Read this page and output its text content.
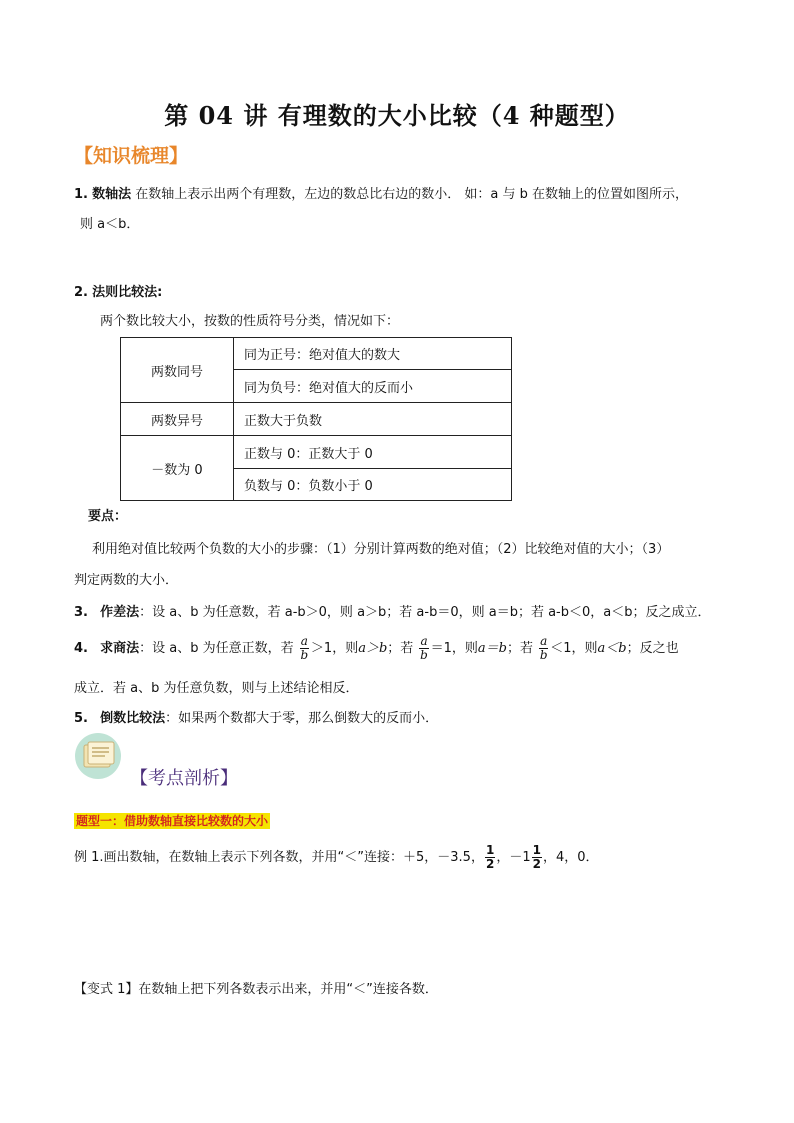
第 04 讲 有理数的大小比较（4 种题型）
【知识梳理】
1. 数轴法 在数轴上表示出两个有理数，左边的数总比右边的数小． 如：a 与 b 在数轴上的位置如图所示，
则 a＜b．
2. 法则比较法:
两个数比较大小，按数的性质符号分类，情况如下：
两数同号	同为正号：绝对值大的数大
	同为负号：绝对值大的反而小
两数异号	正数大于负数
－数为 0	正数与 0：正数大于 0
	负数与 0：负数小于 0
要点：
利用绝对值比较两个负数的大小的步骤：（1）分别计算两数的绝对值；（2）比较绝对值的大小；（3）
判定两数的大小．
3. 作差法：设 a、b 为任意数，若 a-b＞0，则 a＞b；若 a-b＝0，则 a＝b；若 a-b＜0，a＜b；反之成立．
4. 求商法：设 a、b 为任意正数，若 $\frac{a}{b} >1$，则a＞b；若 $\frac{a}{b} =1$，则a＝b；若 $\frac{a}{b} <1$，则a＜b；反之也
成立．若 a、b 为任意负数，则与上述结论相反．
5. 倒数比较法：如果两个数都大于零，那么倒数大的反而小．
【考点剖析】
题型一：借助数轴直接比较数的大小
例 1.画出数轴，在数轴上表示下列各数，并用“＜”连接：＋5，－3.5， $\frac{1}{2}$ ，$-1 \frac{1}{2}$ ，4，0．
【变式 1】在数轴上把下列各数表示出来，并用“＜”连接各数．
